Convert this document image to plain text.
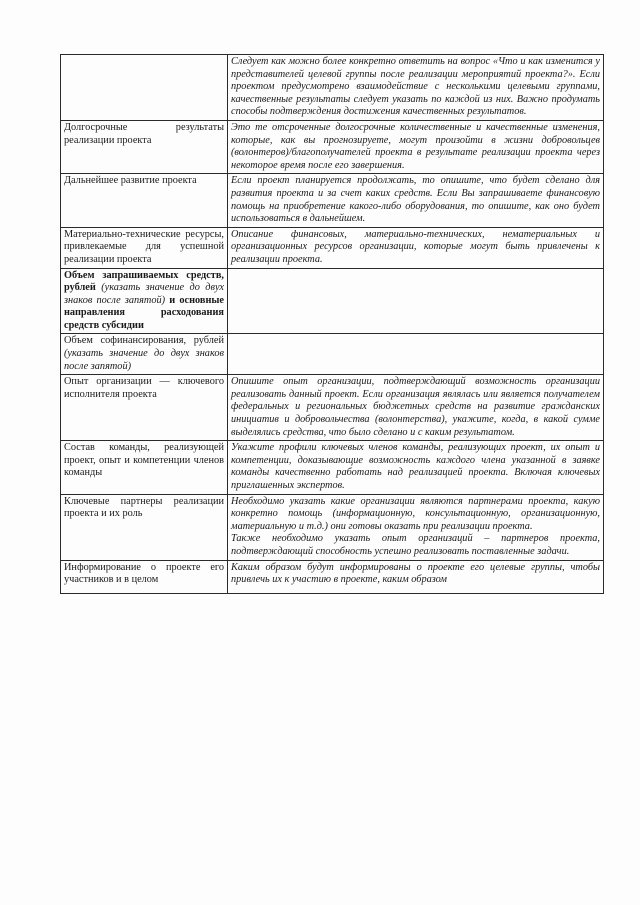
	Следует как можно более конкретно ответить на вопрос «Что и как изменится у представителей целевой группы после реализации мероприятий проекта?». Если проектом предусмотрено взаимодействие с несколькими целевыми группами, качественные результаты следует указать по каждой из них. Важно продумать способы подтверждения достижения качественных результатов.
Долгосрочные результаты реализации проекта	Это те отсроченные долгосрочные количественные и качественные изменения, которые, как вы прогнозируете, могут произойти в жизни добровольцев (волонтеров)/благополучателей проекта в результате реализации проекта через некоторое время после его завершения.
Дальнейшее развитие проекта	Если проект планируется продолжать, то опишите, что будет сделано для развития проекта и за счет каких средств. Если Вы запрашиваете финансовую помощь на приобретение какого-либо оборудования, то опишите, как оно будет использоваться в дальнейшем.
Материально-технические ресурсы, привлекаемые для успешной реализации проекта	Описание финансовых, материально-технических, нематериальных и организационных ресурсов организации, которые могут быть привлечены к реализации проекта.
Объем запрашиваемых средств, рублей (указать значение до двух знаков после запятой) и основные направления расходования средств субсидии	
Объем софинансирования, рублей (указать значение до двух знаков после запятой)	
Опыт организации — ключевого исполнителя проекта	Опишите опыт организации, подтверждающий возможность организации реализовать данный проект. Если организация являлась или является получателем федеральных и региональных бюджетных средств на развитие гражданских инициатив и добровольчества (волонтерства), укажите, когда, в какой сумме выделялись средства, что было сделано и с каким результатом.
Состав команды, реализующей проект, опыт и компетенции членов команды	Укажите профили ключевых членов команды, реализующих проект, их опыт и компетенции, доказывающие возможность каждого члена указанной в заявке команды качественно работать над реализацией проекта. Включая ключевых приглашенных экспертов.
Ключевые партнеры реализации проекта и их роль	Необходимо указать какие организации являются партнерами проекта, какую конкретно помощь (информационную, консультационную, организационную, материальную и т.д.) они готовы оказать при реализации проекта.
Также необходимо указать опыт организаций – партнеров проекта, подтверждающий способность успешно реализовать поставленные задачи.

Информирование о проекте его участников и в целом	Каким образом будут информированы о проекте его целевые группы, чтобы привлечь их к участию в проекте, каким образом
